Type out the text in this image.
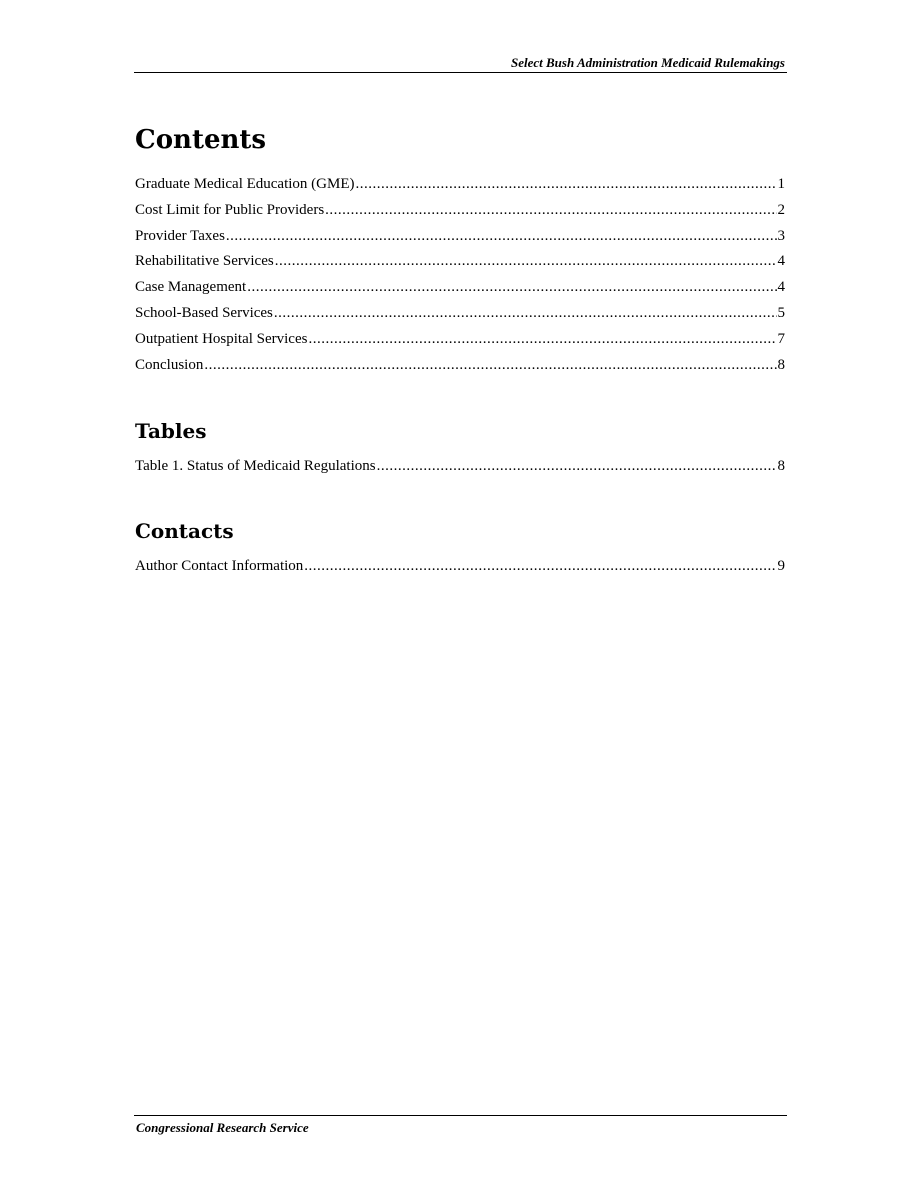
Select Bush Administration Medicaid Rulemakings
Contents
Graduate Medical Education (GME) .....	1
Cost Limit for Public Providers .....	2
Provider Taxes .....	3
Rehabilitative Services .....	4
Case Management .....	4
School-Based Services .....	5
Outpatient Hospital Services .....	7
Conclusion .....	8
Tables
Table 1. Status of Medicaid Regulations .....	8
Contacts
Author Contact Information .....	9
Congressional Research Service
